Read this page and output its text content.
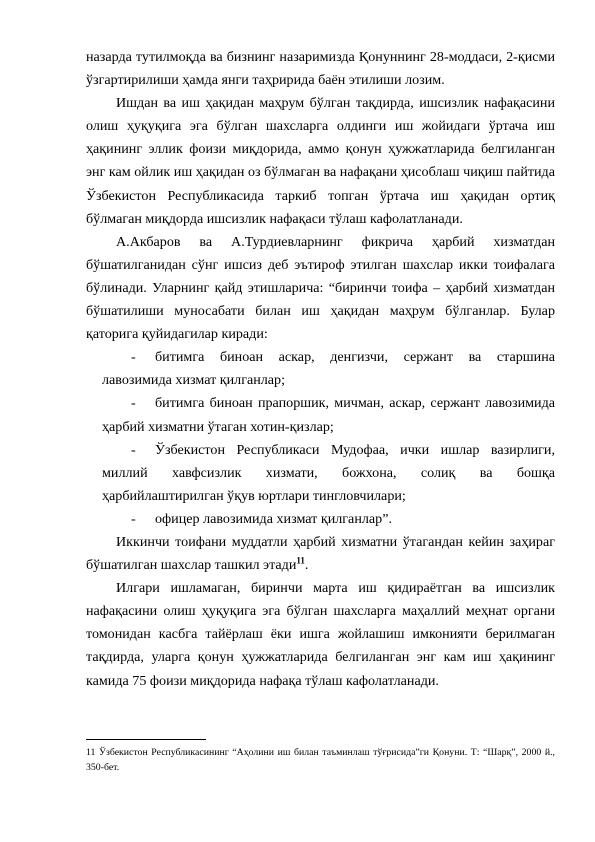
назарда тутилмоқда ва бизнинг назаримизда Қонуннинг 28-моддаси, 2-қисми ўзгартирилиши ҳамда янги таҳририда баён этилиши лозим.

Ишдан ва иш ҳақидан маҳрум бўлган тақдирда, ишсизлик нафақасини олиш ҳуқуқига эга бўлган шахсларга олдинги иш жойидаги ўртача иш ҳақининг эллик фоизи миқдорида, аммо қонун ҳужжатларида белгиланган энг кам ойлик иш ҳақидан оз бўлмаган ва нафақани ҳисоблаш чиқиш пайтида Ўзбекистон Республикасида таркиб топган ўртача иш ҳақидан ортиқ бўлмаган миқдорда ишсизлик нафақаси тўлаш кафолатланади.

А.Акбаров ва А.Турдиевларнинг фикрича ҳарбий хизматдан бўшатилганидан сўнг ишсиз деб эътироф этилган шахслар икки тоифалага бўлинади. Уларнинг қайд этишларича: “биринчи тоифа – ҳарбий хизматдан бўшатилиши муносабати билан иш ҳақидан маҳрум бўлганлар. Булар қаторига қуйидагилар киради:

-	битимга биноан аскар, денгизчи, сержант ва старшина лавозимида хизмат қилганлар;

-	битимга биноан прапоршик, мичман, аскар, сержант лавозимида ҳарбий хизматни ўтаган хотин-қизлар;

-	Ўзбекистон Республикаси Мудофаа, ички ишлар вазирлиги, миллий хавфсизлик хизмати, божхона, солиқ ва бошқа ҳарбийлаштирилган ўқув юртлари тингловчилари;

-	офицер лавозимида хизмат қилганлар”.

Иккинчи тоифани муддатли ҳарбий хизматни ўтагандан кейин заҳираг бўшатилган шахслар ташкил этади$^{11}$.

Илгари ишламаган, биринчи марта иш қидираётган ва ишсизлик нафақасини олиш ҳуқуқига эга бўлган шахсларга маҳаллий меҳнат органи томонидан касбга тайёрлаш ёки ишга жойлашиш имконияти берилмаган тақдирда, уларга қонун ҳужжатларида белгиланган энг кам иш ҳақининг камида 75 фоизи миқдорида нафақа тўлаш кафолатланади.

11 Ўзбекистон Республикасининг “Аҳолини иш билан таъминлаш тўғрисида”ги Қонуни. Т: “Шарқ”, 2000 й., 350-бет.
